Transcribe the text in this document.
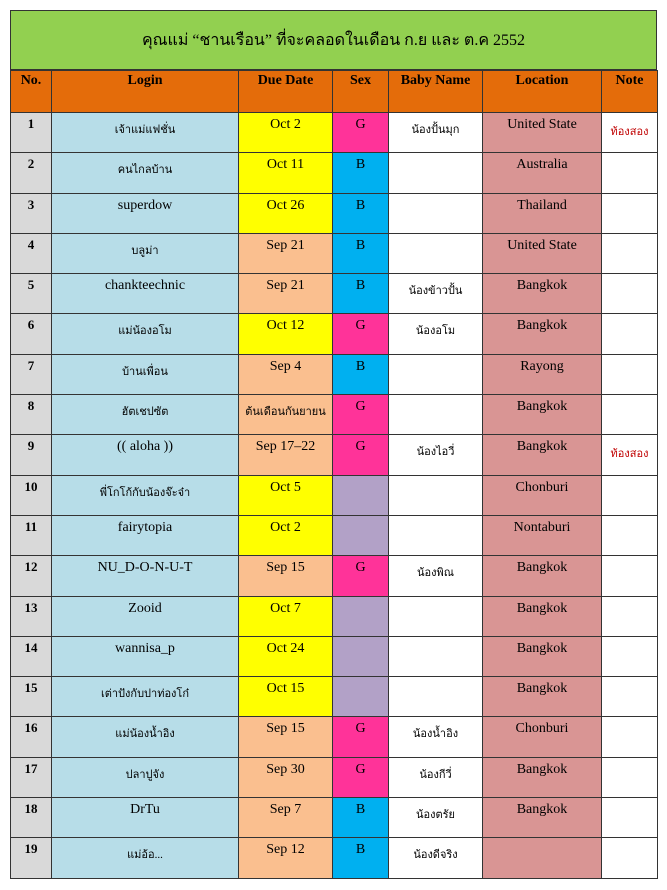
คุณแม่ “ชานเรือน” ที่จะคลอดในเดือน ก.ย และ ต.ค 2552
No.	Login	Due Date	Sex	Baby Name	Location	Note
1	เจ้าแม่แฟชั่น	Oct 2	G	น้องปั้นมุก	United State	ท้องสอง
2	คนไกลบ้าน	Oct 11	B		Australia	
3	superdow	Oct 26	B		Thailand	
4	บลูม่า	Sep 21	B		United State	
5	chankteechnic	Sep 21	B	น้องข้าวปั้น	Bangkok	
6	แม่น้องอโม	Oct 12	G	น้องอโม	Bangkok	
7	บ้านเพื่อน	Sep 4	B		Rayong	
8	ฮัตเชปซัต	ต้นเดือนกันยายน	G		Bangkok	
9	(( aloha ))	Sep 17–22	G	น้องไอวี่	Bangkok	ท้องสอง
10	พี่โกโก้กับน้องจ๊ะจ๋า	Oct 5			Chonburi	
11	fairytopia	Oct 2			Nontaburi	
12	NU_D-O-N-U-T	Sep 15	G	น้องพิณ	Bangkok	
13	Zooid	Oct 7			Bangkok	
14	wannisa_p	Oct 24			Bangkok	
15	เต่าปังกับปาท่องโก๋	Oct 15			Bangkok	
16	แม่น้องน้ำอิง	Sep 15	G	น้องน้ำอิง	Chonburi	
17	ปลาปูจัง	Sep 30	G	น้องกีวี่	Bangkok	
18	DrTu	Sep 7	B	น้องตรัย	Bangkok	
19	แม่อ้อ...	Sep 12	B	น้องดีจริง		
